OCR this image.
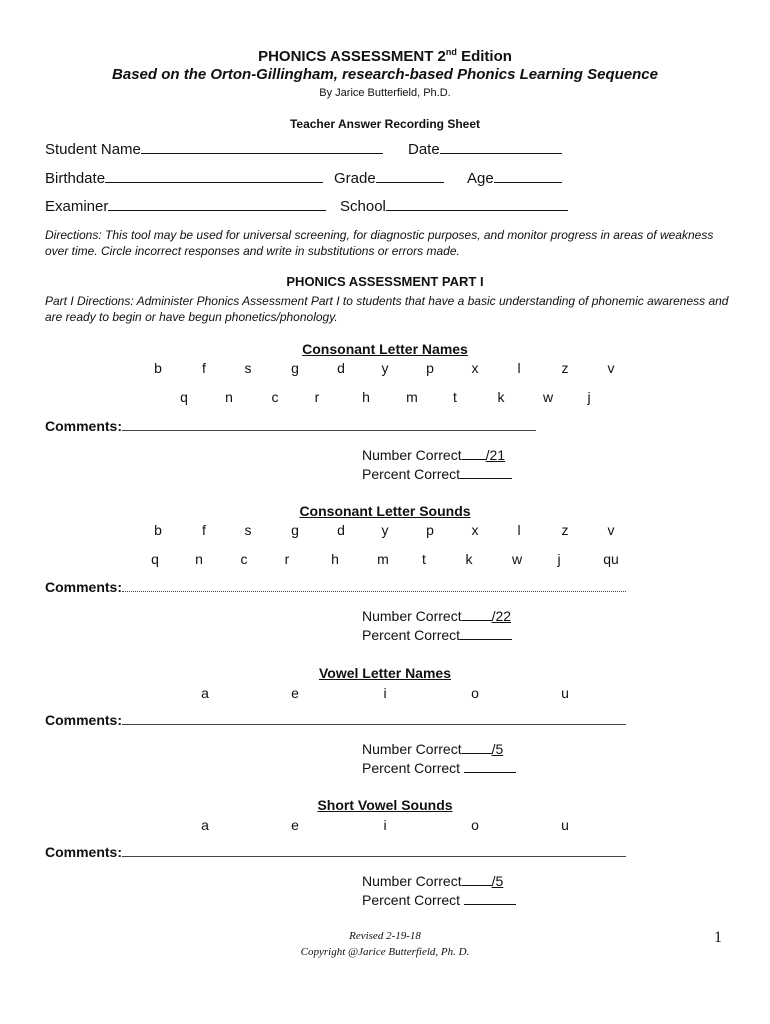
PHONICS ASSESSMENT 2nd Edition
Based on the Orton-Gillingham, research-based Phonics Learning Sequence
By Jarice Butterfield, Ph.D.
Teacher Answer Recording Sheet
Student Name	Date
Birthdate	Grade	Age
Examiner	School
Directions: This tool may be used for universal screening, for diagnostic purposes, and monitor progress in areas of weakness over time. Circle incorrect responses and write in substitutions or errors made.
PHONICS ASSESSMENT PART I
Part I Directions: Administer Phonics Assessment Part I to students that have a basic understanding of phonemic awareness and are ready to begin or have begun phonetics/phonology.
Consonant Letter Names
b	f	s	g	d	y	p	x	l	z	v
q	n	c	r	h	m	t	k	w	j
Comments:
Number Correct /21
Percent Correct
Consonant Letter Sounds
b	f	s	g	d	y	p	x	l	z	v
q	n	c	r	h	m	t	k	w	j	qu
Comments:
Number Correct /22
Percent Correct
Vowel Letter Names
a	e	i	o	u
Comments:
Number Correct /5
Percent Correct
Short Vowel Sounds
a	e	i	o	u
Comments:
Number Correct /5
Percent Correct
Revised 2-19-18
Copyright @Jarice Butterfield, Ph. D.
1
